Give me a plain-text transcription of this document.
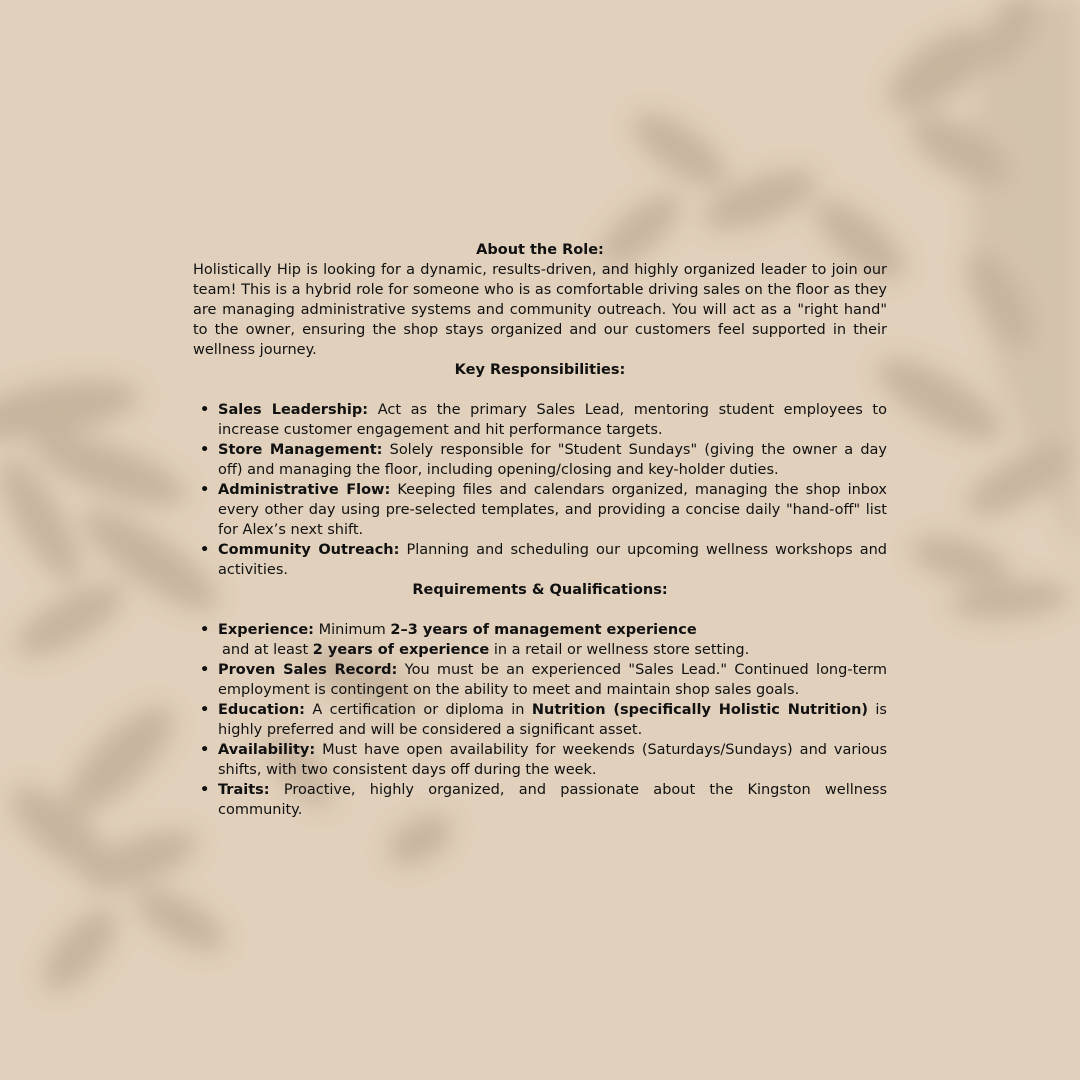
About the Role:

Holistically Hip is looking for a dynamic, results-driven, and highly organized leader to join our team! This is a hybrid role for someone who is as comfortable driving sales on the floor as they are managing administrative systems and community outreach. You will act as a "right hand" to the owner, ensuring the shop stays organized and our customers feel supported in their wellness journey.

Key Responsibilities:

• Sales Leadership: Act as the primary Sales Lead, mentoring student employees to increase customer engagement and hit performance targets.
• Store Management: Solely responsible for "Student Sundays" (giving the owner a day off) and managing the floor, including opening/closing and key-holder duties.
• Administrative Flow: Keeping files and calendars organized, managing the shop inbox every other day using pre-selected templates, and providing a concise daily "hand-off" list for Alex’s next shift.
• Community Outreach: Planning and scheduling our upcoming wellness workshops and activities.

Requirements & Qualifications:

• Experience: Minimum 2–3 years of management experience
and at least 2 years of experience in a retail or wellness store setting.
• Proven Sales Record: You must be an experienced "Sales Lead." Continued long-term employment is contingent on the ability to meet and maintain shop sales goals.
• Education: A certification or diploma in Nutrition (specifically Holistic Nutrition) is highly preferred and will be considered a significant asset.
• Availability: Must have open availability for weekends (Saturdays/Sundays) and various shifts, with two consistent days off during the week.
• Traits: Proactive, highly organized, and passionate about the Kingston wellness community.
